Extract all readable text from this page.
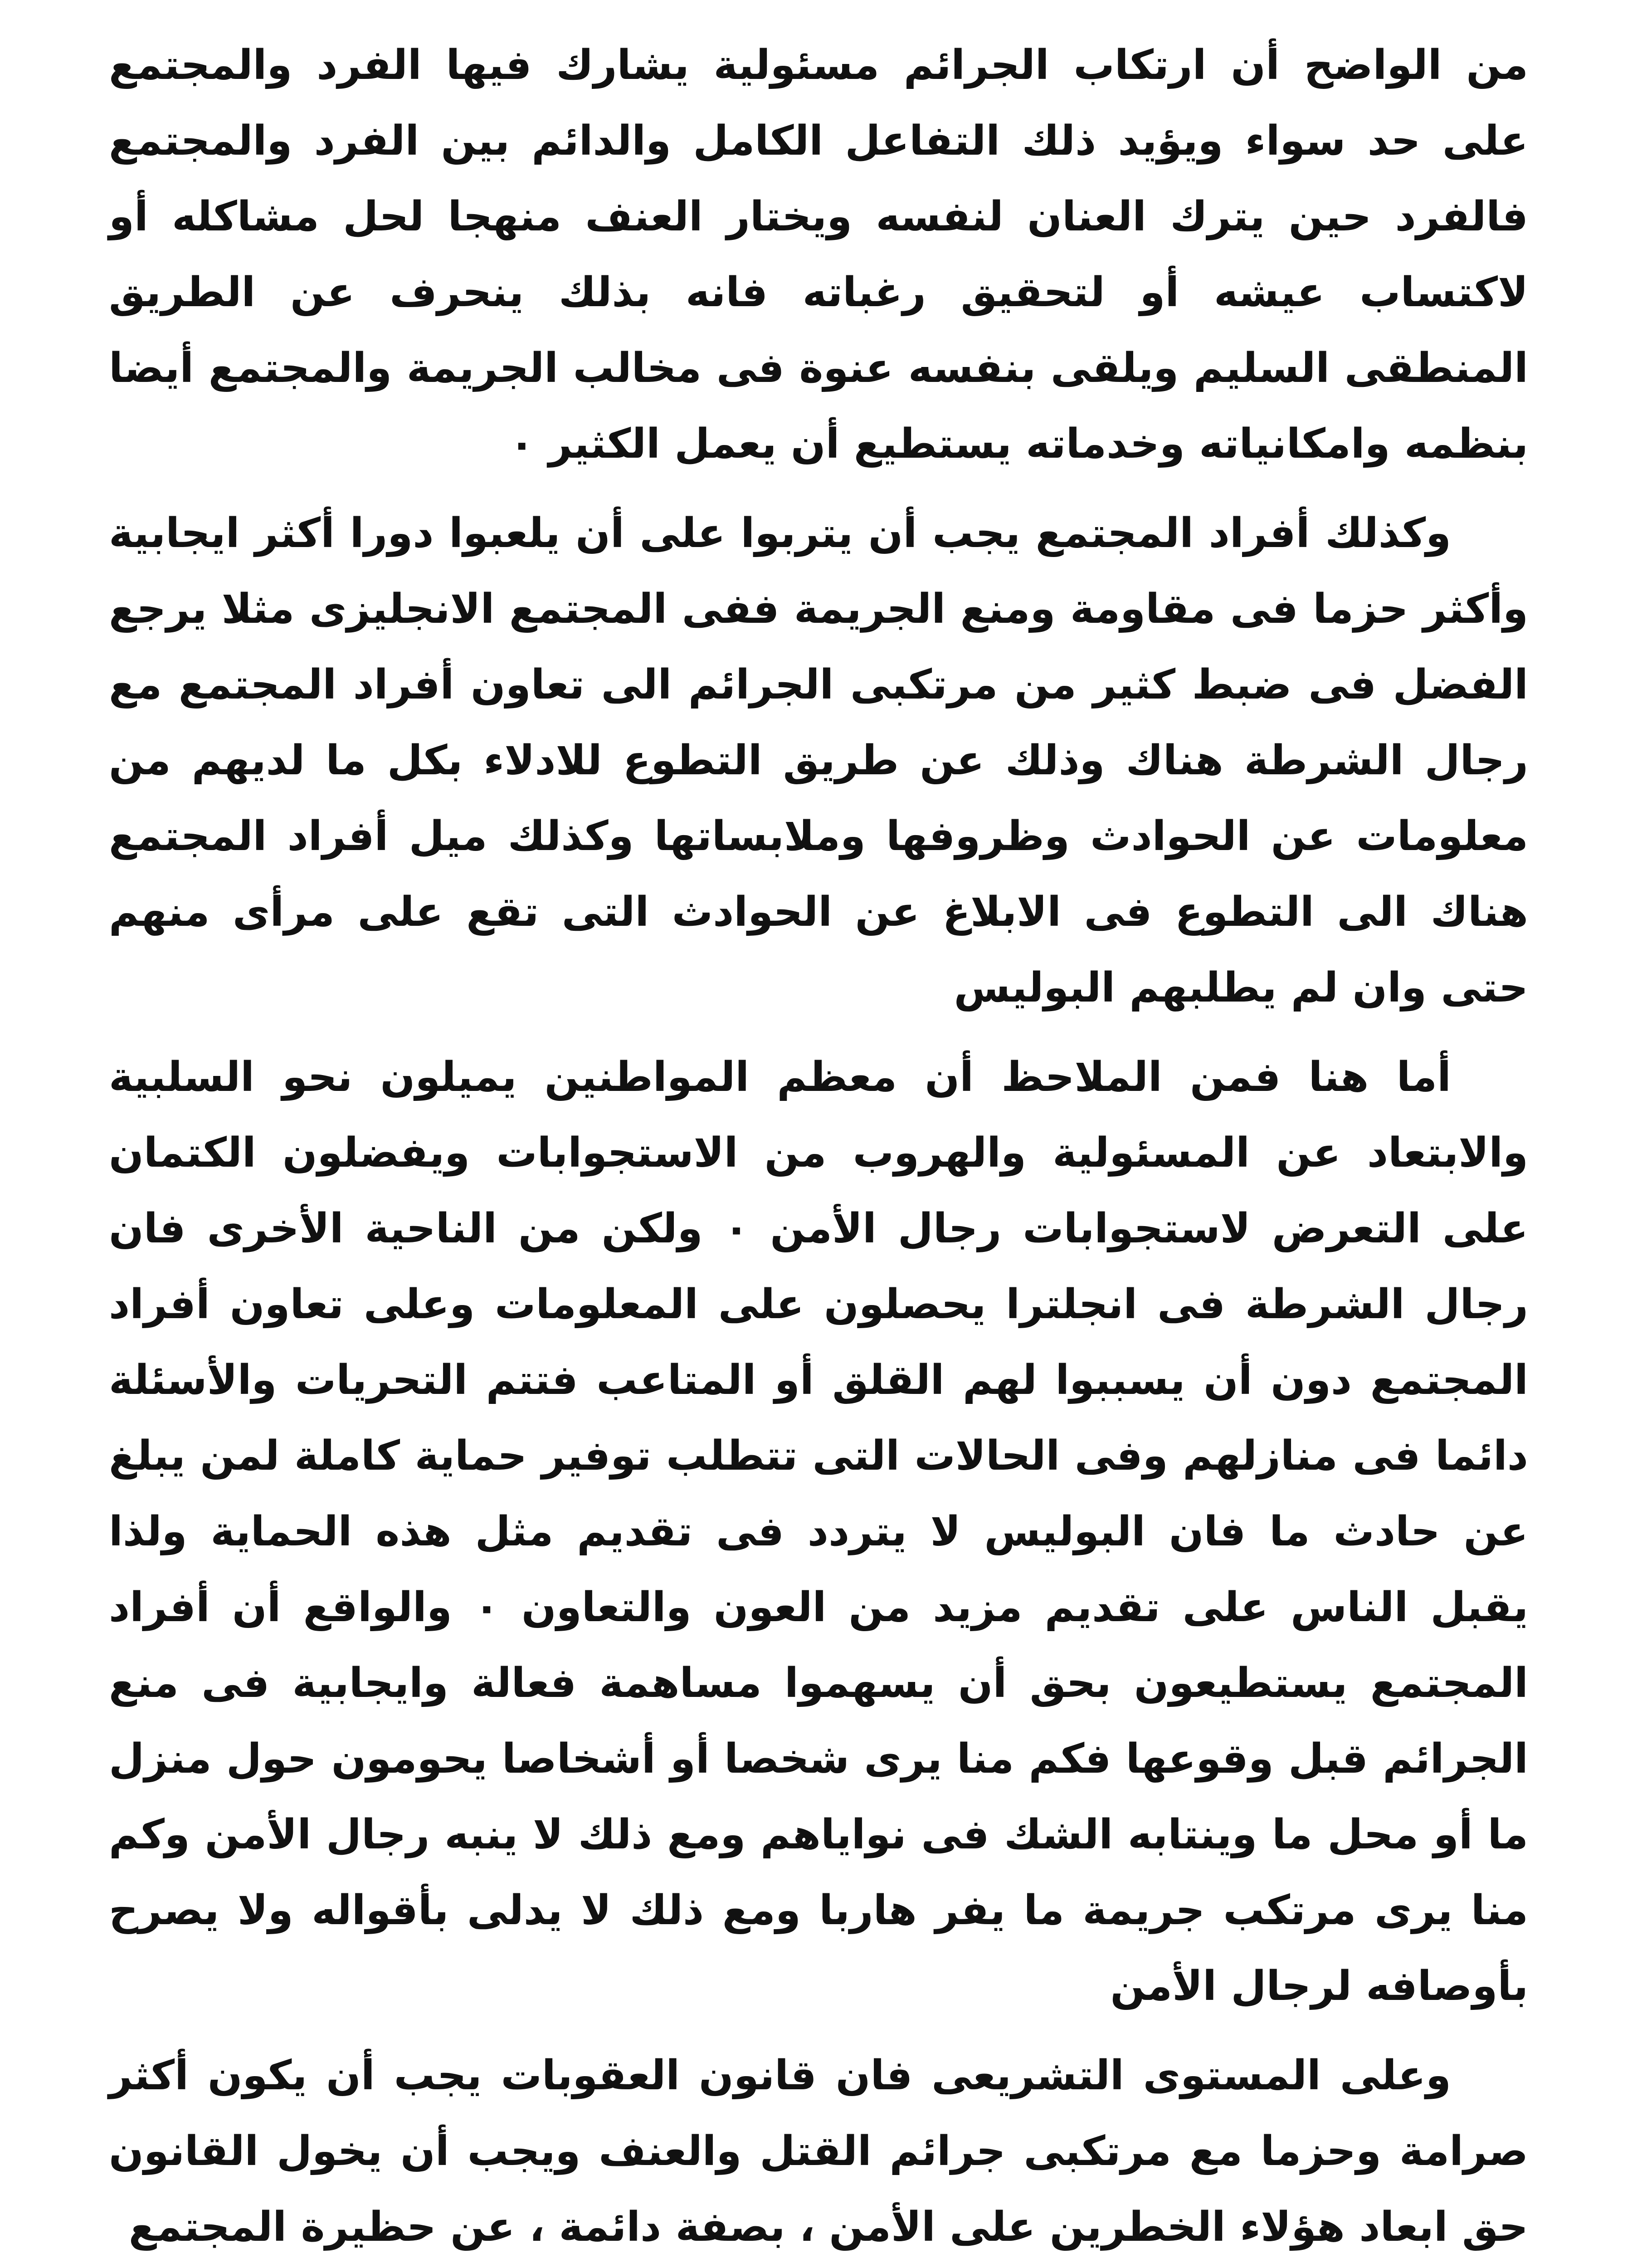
من الواضح أن ارتكاب الجرائم مسئولية يشارك فيها الفرد والمجتمع على حد سواء ويؤيد ذلك التفاعل الكامل والدائم بين الفرد والمجتمع فالفرد حين يترك العنان لنفسه ويختار العنف منهجا لحل مشاكله أو لاكتساب عيشه أو لتحقيق رغباته فانه بذلك ينحرف عن الطريق المنطقى السليم ويلقى بنفسه عنوة فى مخالب الجريمة والمجتمع أيضا بنظمه وامكانياته وخدماته يستطيع أن يعمل الكثير ٠

وكذلك أفراد المجتمع يجب أن يتربوا على أن يلعبوا دورا أكثر ايجابية وأكثر حزما فى مقاومة ومنع الجريمة ففى المجتمع الانجليزى مثلا يرجع الفضل فى ضبط كثير من مرتكبى الجرائم الى تعاون أفراد المجتمع مع رجال الشرطة هناك وذلك عن طريق التطوع للادلاء بكل ما لديهم من معلومات عن الحوادث وظروفها وملابساتها وكذلك ميل أفراد المجتمع هناك الى التطوع فى الابلاغ عن الحوادث التى تقع على مرأى منهم حتى وان لم يطلبهم البوليس

أما هنا فمن الملاحظ أن معظم المواطنين يميلون نحو السلبية والابتعاد عن المسئولية والهروب من الاستجوابات ويفضلون الكتمان على التعرض لاستجوابات رجال الأمن ٠ ولكن من الناحية الأخرى فان رجال الشرطة فى انجلترا يحصلون على المعلومات وعلى تعاون أفراد المجتمع دون أن يسببوا لهم القلق أو المتاعب فتتم التحريات والأسئلة دائما فى منازلهم وفى الحالات التى تتطلب توفير حماية كاملة لمن يبلغ عن حادث ما فان البوليس لا يتردد فى تقديم مثل هذه الحماية ولذا يقبل الناس على تقديم مزيد من العون والتعاون ٠ والواقع أن أفراد المجتمع يستطيعون بحق أن يسهموا مساهمة فعالة وايجابية فى منع الجرائم قبل وقوعها فكم منا يرى شخصا أو أشخاصا يحومون حول منزل ما أو محل ما وينتابه الشك فى نواياهم ومع ذلك لا ينبه رجال الأمن وكم منا يرى مرتكب جريمة ما يفر هاربا ومع ذلك لا يدلى بأقواله ولا يصرح بأوصافه لرجال الأمن

وعلى المستوى التشريعى فان قانون العقوبات يجب أن يكون أكثر صرامة وحزما مع مرتكبى جرائم القتل والعنف ويجب أن يخول القانون حق ابعاد هؤلاء الخطرين على الأمن ، بصفة دائمة ، عن حظيرة المجتمع
